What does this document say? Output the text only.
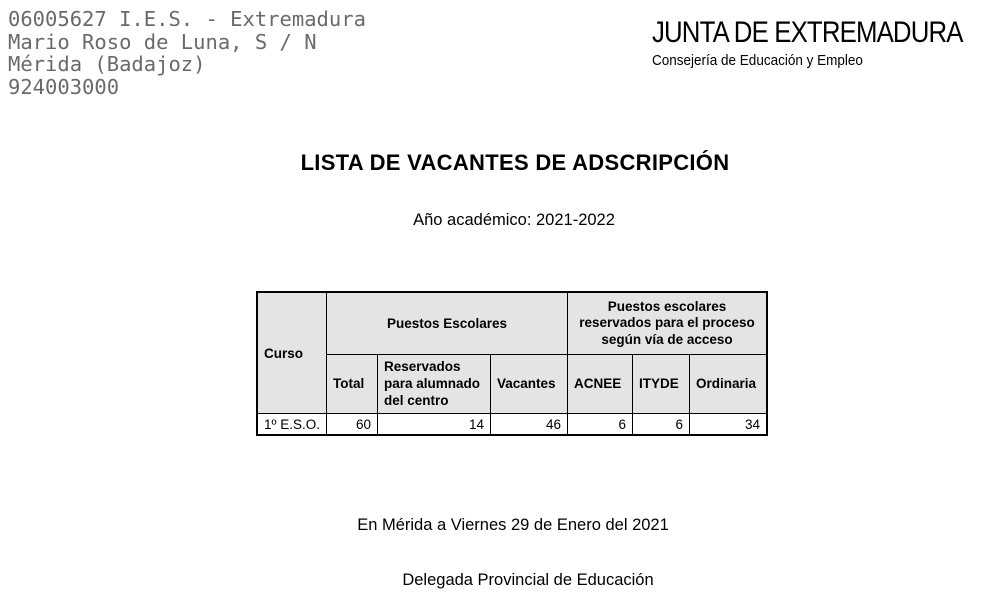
06005627 I.E.S. - Extremadura
Mario Roso de Luna, S / N
Mérida (Badajoz)
924003000
JUNTA DE EXTREMADURA
Consejería de Educación y Empleo
LISTA DE VACANTES DE ADSCRIPCIÓN
Año académico: 2021-2022
Curso	Puestos Escolares			Puestos escolares
reservados para el proceso
según vía de acceso		

	Total	Reservados
para alumnado
del centro	Vacantes	ACNEE	ITYDE	Ordinaria
1º E.S.O.	60	14	46	6	6	34
En Mérida a Viernes 29 de Enero del 2021
Delegada Provincial de Educación
